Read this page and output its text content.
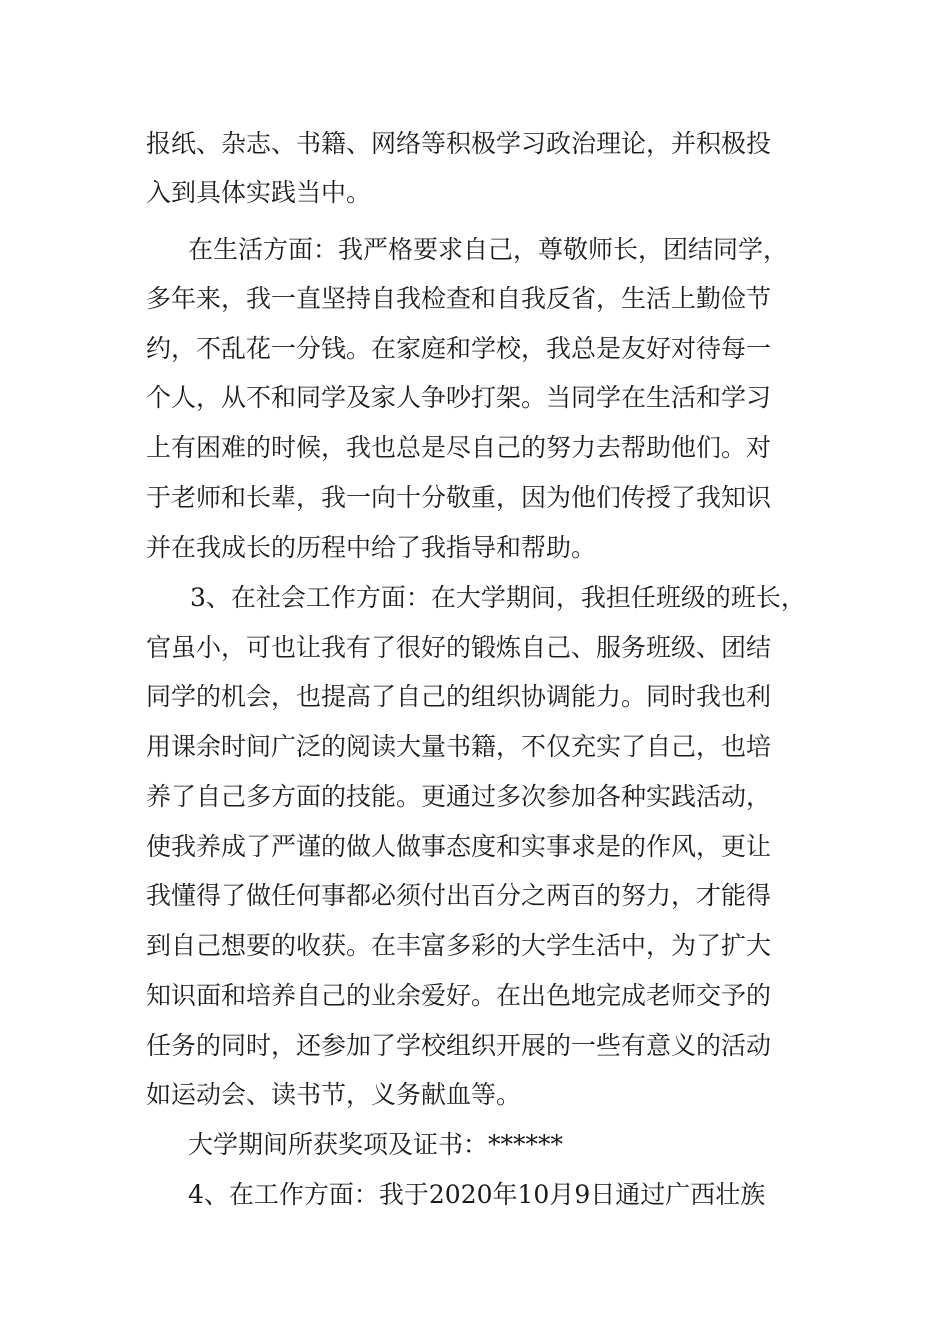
报纸、杂志、书籍、网络等积极学习政治理论，并积极投
入到具体实践当中。
在生活方面：我严格要求自己，尊敬师长，团结同学，
多年来，我一直坚持自我检查和自我反省，生活上勤俭节
约，不乱花一分钱。在家庭和学校，我总是友好对待每一
个人，从不和同学及家人争吵打架。当同学在生活和学习
上有困难的时候，我也总是尽自己的努力去帮助他们。对
于老师和长辈，我一向十分敬重，因为他们传授了我知识
并在我成长的历程中给了我指导和帮助。
3、在社会工作方面：在大学期间，我担任班级的班长，
官虽小，可也让我有了很好的锻炼自己、服务班级、团结
同学的机会，也提高了自己的组织协调能力。同时我也利
用课余时间广泛的阅读大量书籍，不仅充实了自己，也培
养了自己多方面的技能。更通过多次参加各种实践活动，
使我养成了严谨的做人做事态度和实事求是的作风，更让
我懂得了做任何事都必须付出百分之两百的努力，才能得
到自己想要的收获。在丰富多彩的大学生活中，为了扩大
知识面和培养自己的业余爱好。在出色地完成老师交予的
任务的同时，还参加了学校组织开展的一些有意义的活动
如运动会、读书节，义务献血等。
大学期间所获奖项及证书：******
4、在工作方面：我于2020年10月9日通过广西壮族
